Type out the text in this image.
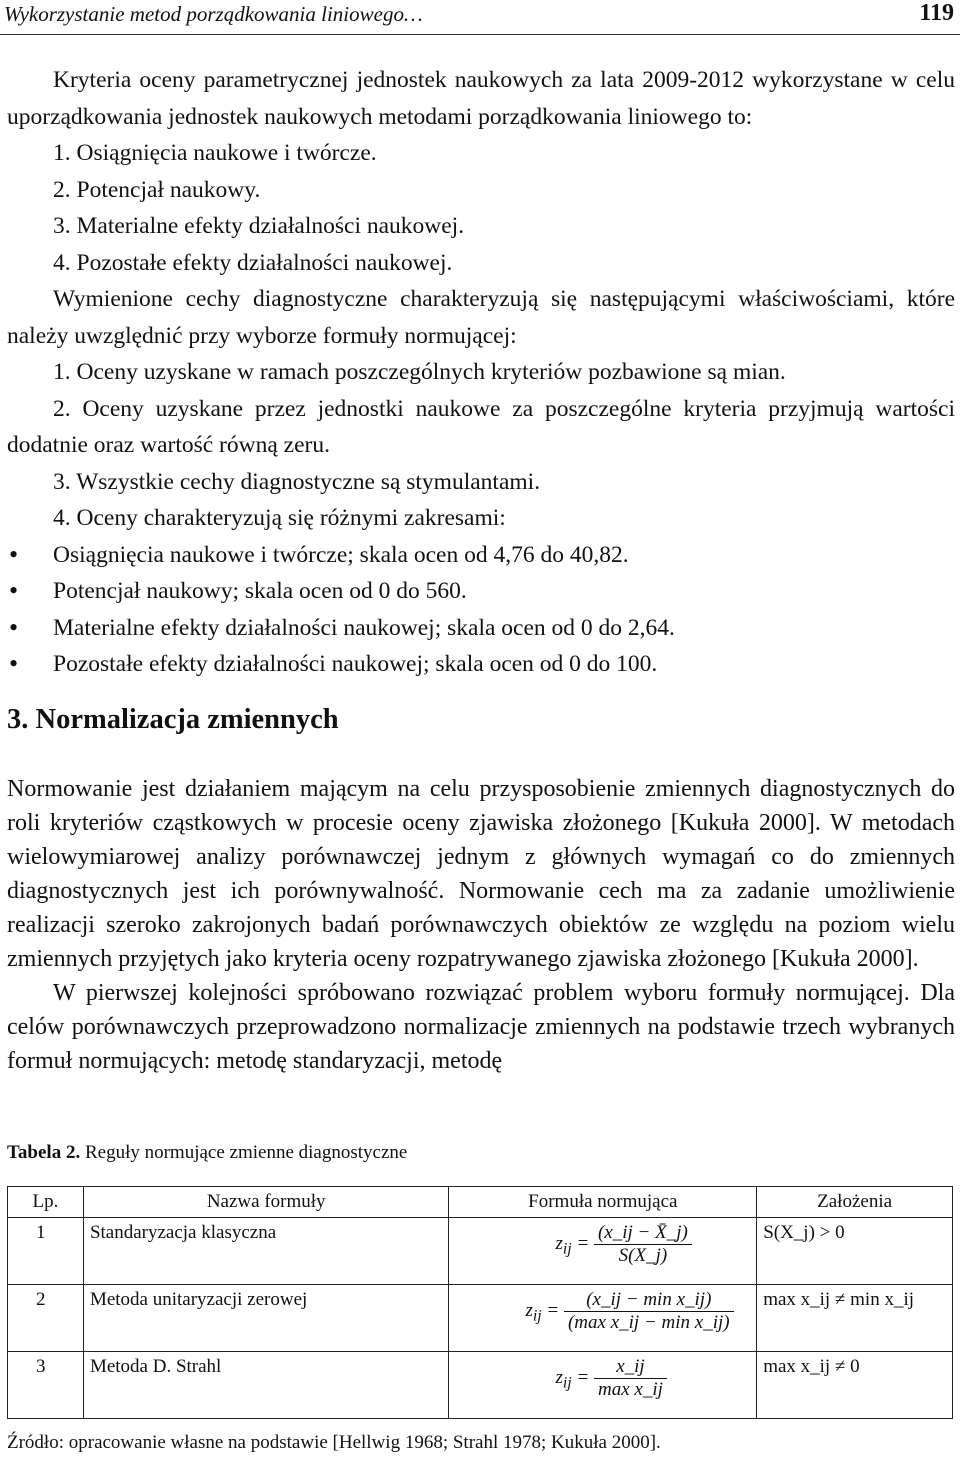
Wykorzystanie metod porządkowania liniowego…	119

Kryteria oceny parametrycznej jednostek naukowych za lata 2009-2012 wykorzystane w celu uporządkowania jednostek naukowych metodami porządkowania liniowego to:

1. Osiągnięcia naukowe i twórcze.

2. Potencjał naukowy.

3. Materialne efekty działalności naukowej.

4. Pozostałe efekty działalności naukowej.

Wymienione cechy diagnostyczne charakteryzują się następującymi właściwościami, które należy uwzględnić przy wyborze formuły normującej:

1. Oceny uzyskane w ramach poszczególnych kryteriów pozbawione są mian.

2. Oceny uzyskane przez jednostki naukowe za poszczególne kryteria przyjmują wartości dodatnie oraz wartość równą zeru.

3. Wszystkie cechy diagnostyczne są stymulantami.

4. Oceny charakteryzują się różnymi zakresami:

• Osiągnięcia naukowe i twórcze; skala ocen od 4,76 do 40,82.
• Potencjał naukowy; skala ocen od 0 do 560.
• Materialne efekty działalności naukowej; skala ocen od 0 do 2,64.
• Pozostałe efekty działalności naukowej; skala ocen od 0 do 100.
3. Normalizacja zmiennych

Normowanie jest działaniem mającym na celu przysposobienie zmiennych diagnostycznych do roli kryteriów cząstkowych w procesie oceny zjawiska złożonego [Kukuła 2000]. W metodach wielowymiarowej analizy porównawczej jednym z głównych wymagań co do zmiennych diagnostycznych jest ich porównywalność. Normowanie cech ma za zadanie umożliwienie realizacji szeroko zakrojonych badań porównawczych obiektów ze względu na poziom wielu zmiennych przyjętych jako kryteria oceny rozpatrywanego zjawiska złożonego [Kukuła 2000].

W pierwszej kolejności spróbowano rozwiązać problem wyboru formuły normującej. Dla celów porównawczych przeprowadzono normalizacje zmiennych na podstawie trzech wybranych formuł normujących: metodę standaryzacji, metodę

Tabela 2. Reguły normujące zmienne diagnostyczne
Lp.	Nazwa formuły	Formuła normująca	Założenia
1	Standaryzacja klasyczna	$z_{ij} = \frac{(x\_ij - X̄\_j)}{S(X\_j)}$	S(X_j) > 0
2	Metoda unitaryzacji zerowej	$z_{ij} = \frac{\text{(x\_ij − min x\_ij)}}{\text{(max x\_ij − min x\_ij)}}$	max x_ij ≠ min x_ij
3	Metoda D. Strahl	$z_{ij} = \frac{x\_ij}{\text{max x\_ij}}$	max x_ij ≠ 0
Źródło: opracowanie własne na podstawie [Hellwig 1968; Strahl 1978; Kukuła 2000].
